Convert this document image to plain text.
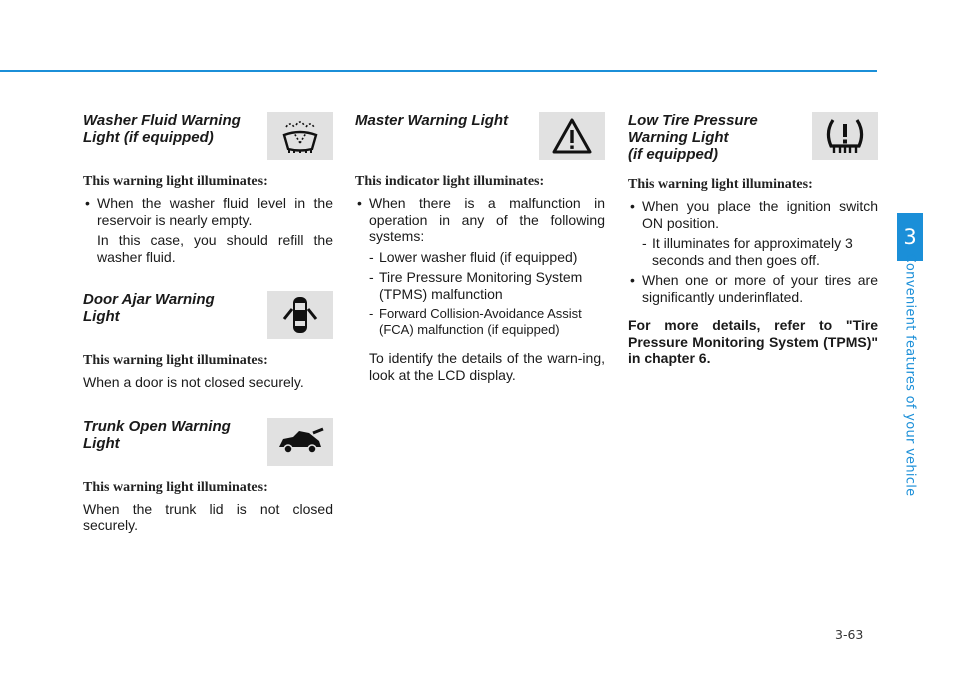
Washer Fluid Warning
Light (if equipped)
This warning light illuminates:
• When the washer fluid level in the reservoir is nearly empty.
In this case, you should refill the washer fluid.
Door Ajar Warning
Light
This warning light illuminates:
When a door is not closed securely.
Trunk Open Warning
Light
This warning light illuminates:
When the trunk lid is not closed securely.
Master Warning Light
This indicator light illuminates:
• When there is a malfunction in operation in any of the following systems:
- Lower washer fluid (if equipped)
- Tire Pressure Monitoring System (TPMS) malfunction
- Forward Collision-Avoidance Assist (FCA) malfunction (if equipped)
To identify the details of the warn-ing, look at the LCD display.
Low Tire Pressure
Warning Light
(if equipped)
This warning light illuminates:
• When you place the ignition switch ON position.
- It illuminates for approximately 3 seconds and then goes off.
• When one or more of your tires are significantly underinflated.
For more details, refer to "Tire Pressure Monitoring System (TPMS)" in chapter 6.
3
Convenient features of your vehicle
3-63
